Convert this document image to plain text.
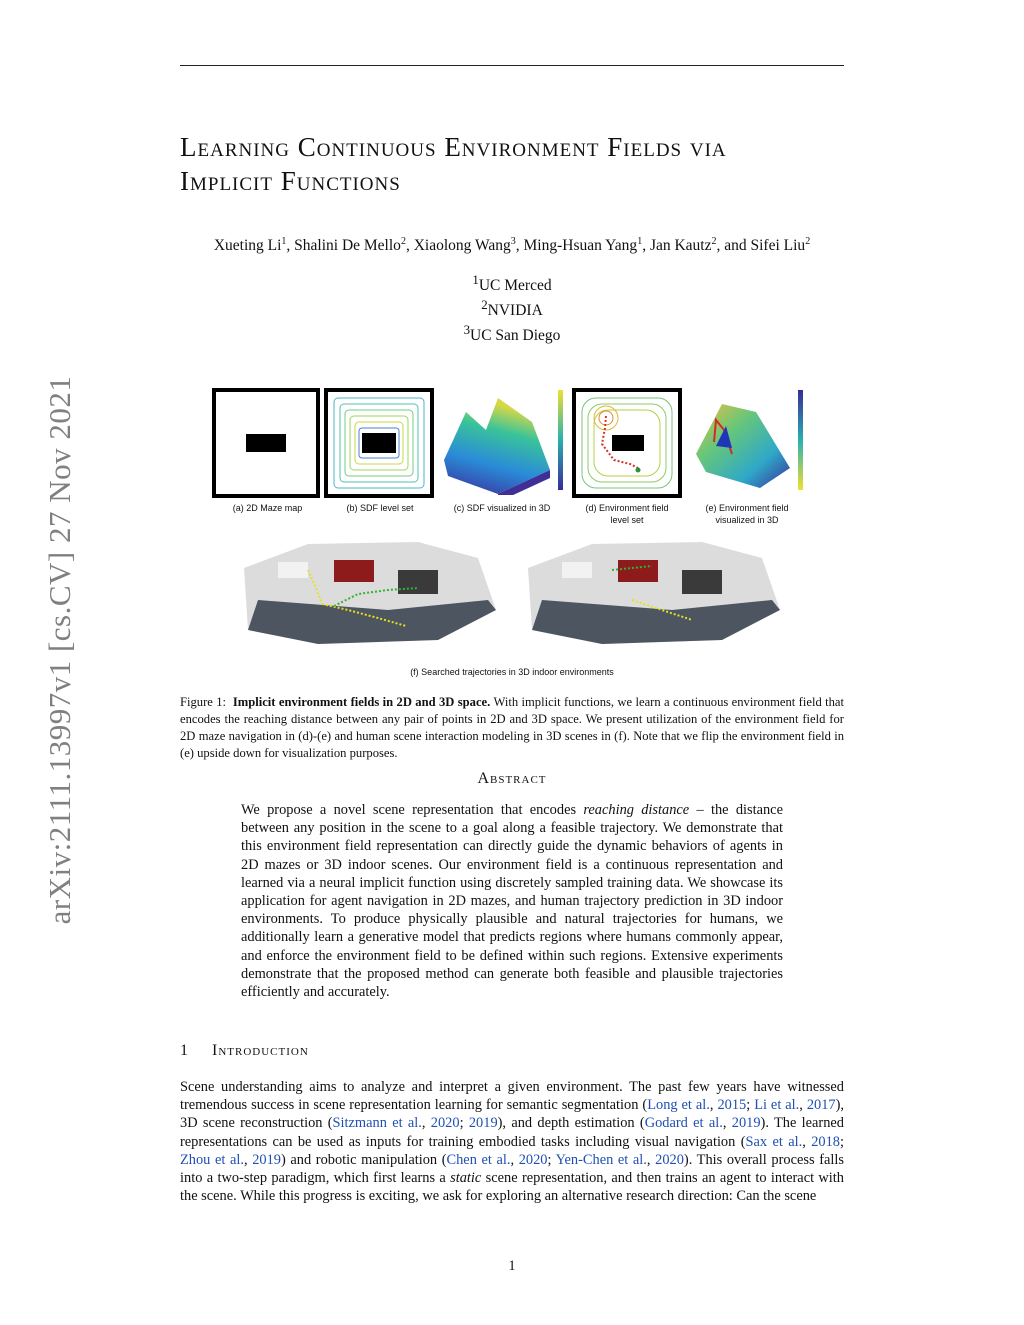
arXiv:2111.13997v1 [cs.CV] 27 Nov 2021
Learning Continuous Environment Fields via
Implicit Functions
Xueting Li$^1$, Shalini De Mello$^2$, Xiaolong Wang$^3$, Ming-Hsuan Yang$^1$, Jan Kautz$^2$, and Sifei Liu$^2$
$^1$UC Merced
$^2$NVIDIA
$^3$UC San Diego
(a) 2D Maze map	(b) SDF level set	(c) SDF visualized in 3D	(d) Environment field
level set
(e) Environment field
visualized in 3D
(f) Searched trajectories in 3D indoor environments
Figure 1: Implicit environment fields in 2D and 3D space. With implicit functions, we learn a continuous environment field that encodes the reaching distance between any pair of points in 2D and 3D space. We present utilization of the environment field for 2D maze navigation in (d)-(e) and human scene interaction modeling in 3D scenes in (f). Note that we flip the environment field in (e) upside down for visualization purposes.
Abstract
We propose a novel scene representation that encodes reaching distance – the distance between any position in the scene to a goal along a feasible trajectory. We demonstrate that this environment field representation can directly guide the dynamic behaviors of agents in 2D mazes or 3D indoor scenes. Our environment field is a continuous representation and learned via a neural implicit function using discretely sampled training data. We showcase its application for agent navigation in 2D mazes, and human trajectory prediction in 3D indoor environments. To produce physically plausible and natural trajectories for humans, we additionally learn a generative model that predicts regions where humans commonly appear, and enforce the environment field to be defined within such regions. Extensive experiments demonstrate that the proposed method can generate both feasible and plausible trajectories efficiently and accurately.
1 Introduction
Scene understanding aims to analyze and interpret a given environment. The past few years have witnessed tremendous success in scene representation learning for semantic segmentation (Long et al., 2015; Li et al., 2017), 3D scene reconstruction (Sitzmann et al., 2020; 2019), and depth estimation (Godard et al., 2019). The learned representations can be used as inputs for training embodied tasks including visual navigation (Sax et al., 2018; Zhou et al., 2019) and robotic manipulation (Chen et al., 2020; Yen-Chen et al., 2020). This overall process falls into a two-step paradigm, which first learns a static scene representation, and then trains an agent to interact with the scene. While this progress is exciting, we ask for exploring an alternative research direction: Can the scene
1
